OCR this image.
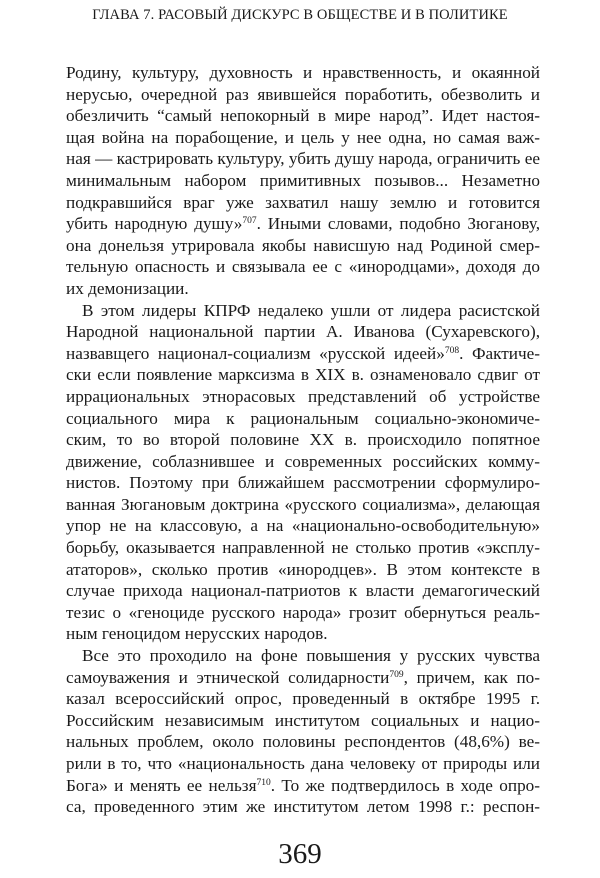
ГЛАВА 7. РАСОВЫЙ ДИСКУРС В ОБЩЕСТВЕ И В ПОЛИТИКЕ
Родину, культуру, духовность и нравственность, и окаянной
нерусью, очередной раз явившейся поработить, обезволить и
обезличить “самый непокорный в мире народ”. Идет настоя-
щая война на порабощение, и цель у нее одна, но самая важ-
ная — кастрировать культуру, убить душу народа, ограничить ее
минимальным набором примитивных позывов... Незаметно
подкравшийся враг уже захватил нашу землю и готовится
убить народную душу»$^{707}$. Иными словами, подобно Зюганову,
она донельзя утрировала якобы нависшую над Родиной смер-
тельную опасность и связывала ее с «инородцами», доходя до
их демонизации.
В этом лидеры КПРФ недалеко ушли от лидера расистской
Народной национальной партии А. Иванова (Сухаревского),
назвавщего национал-социализм «русской идеей»$^{708}$. Фактиче-
ски если появление марксизма в XIX в. ознаменовало сдвиг от
иррациональных этнорасовых представлений об устройстве
социального мира к рациональным социально-экономиче-
ским, то во второй половине XX в. происходило попятное
движение, соблазнившее и современных российских комму-
нистов. Поэтому при ближайшем рассмотрении сформулиро-
ванная Зюгановым доктрина «русского социализма», делающая
упор не на классовую, а на «национально-освободительную»
борьбу, оказывается направленной не столько против «эксплу-
ататоров», сколько против «инородцев». В этом контексте в
случае прихода национал-патриотов к власти демагогический
тезис о «геноциде русского народа» грозит обернуться реаль-
ным геноцидом нерусских народов.
Все это проходило на фоне повышения у русских чувства
самоуважения и этнической солидарности$^{709}$, причем, как по-
казал всероссийский опрос, проведенный в октябре 1995 г.
Российским независимым институтом социальных и нацио-
нальных проблем, около половины респондентов (48,6%) ве-
рили в то, что «национальность дана человеку от природы или
Бога» и менять ее нельзя$^{710}$. То же подтвердилось в ходе опро-
са, проведенного этим же институтом летом 1998 г.: респон-
369
